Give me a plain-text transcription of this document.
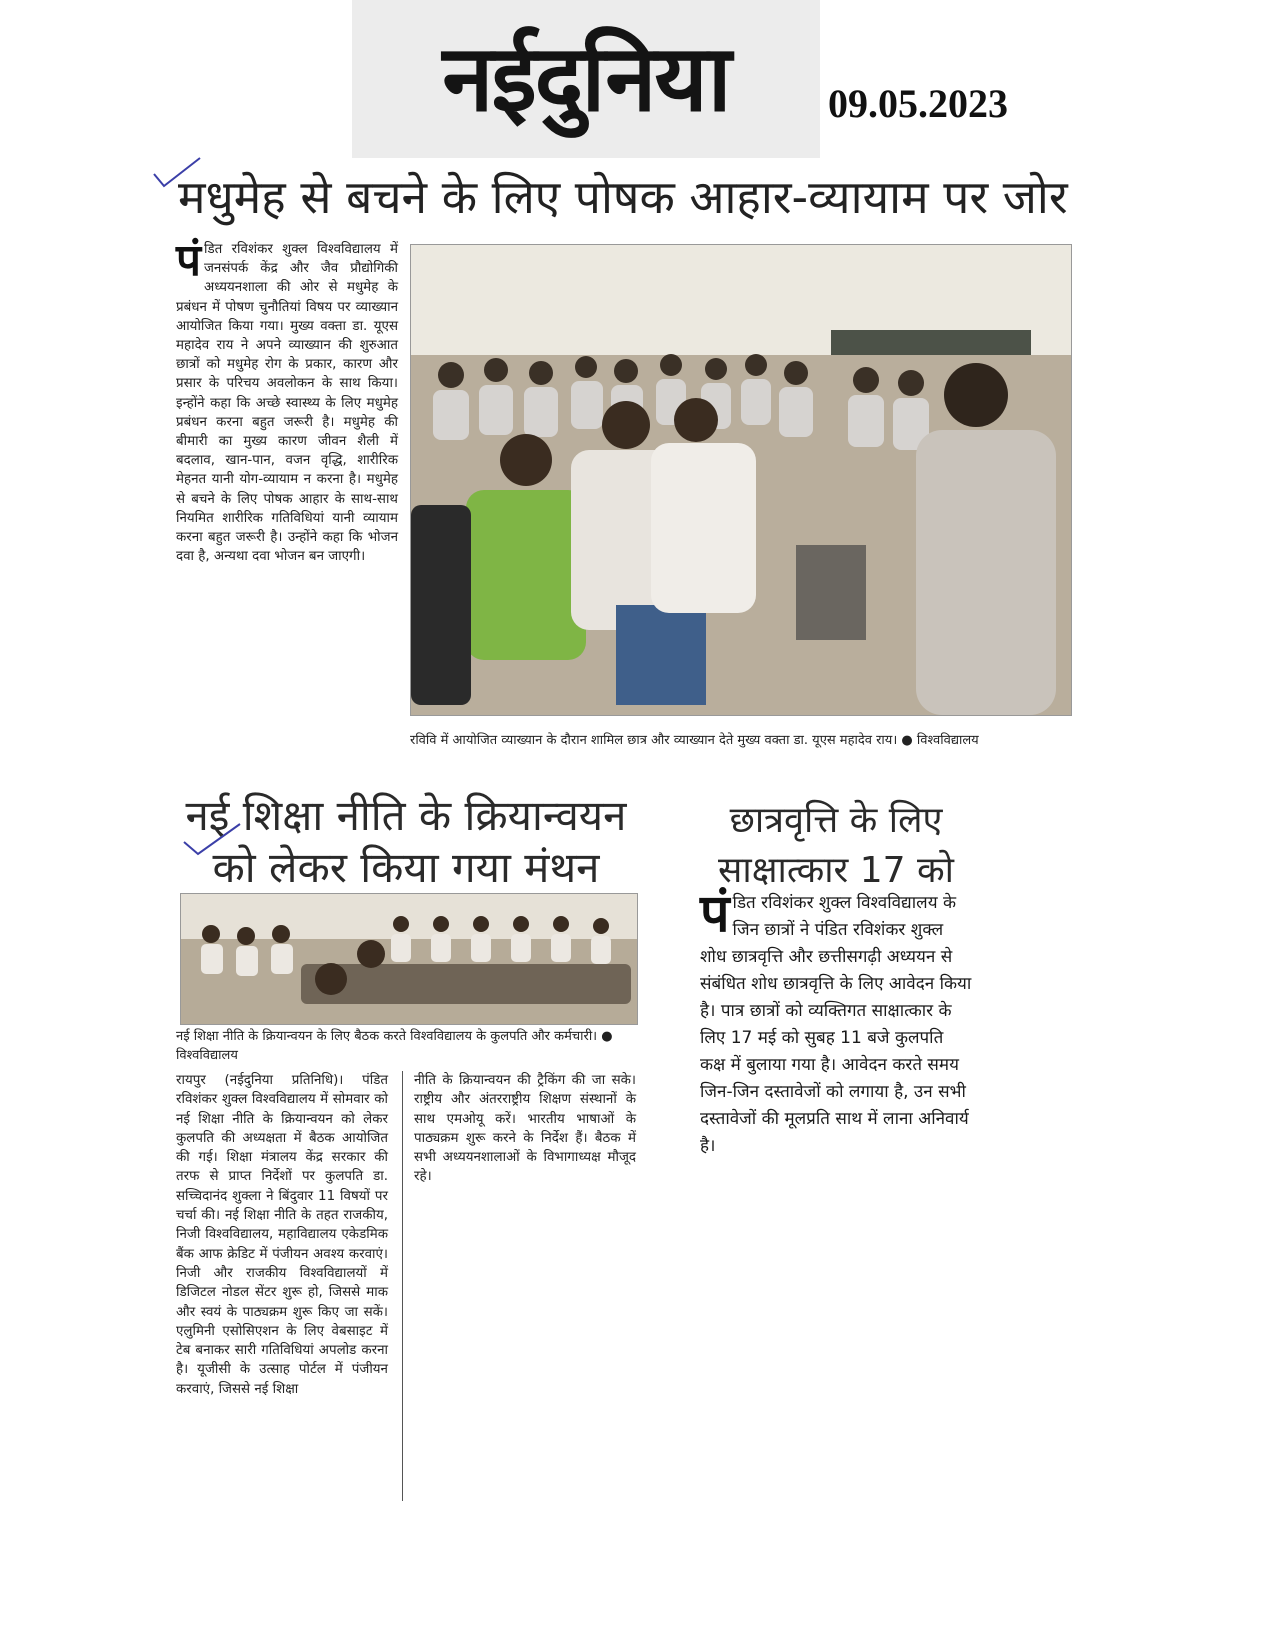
नईदुनिया 09.05.2023
मधुमेह से बचने के लिए पोषक आहार-व्यायाम पर जोर
पंडित रविशंकर शुक्ल विश्वविद्यालय में जनसंपर्क केंद्र और जैव प्रौद्योगिकी अध्ययनशाला की ओर से मधुमेह के प्रबंधन में पोषण चुनौतियां विषय पर व्याख्यान आयोजित किया गया। मुख्य वक्ता डा. यूएस महादेव राय ने अपने व्याख्यान की शुरुआत छात्रों को मधुमेह रोग के प्रकार, कारण और प्रसार के परिचय अवलोकन के साथ किया। इन्होंने कहा कि अच्छे स्वास्थ्य के लिए मधुमेह प्रबंधन करना बहुत जरूरी है। मधुमेह की बीमारी का मुख्य कारण जीवन शैली में बदलाव, खान-पान, वजन वृद्धि, शारीरिक मेहनत यानी योग-व्यायाम न करना है। मधुमेह से बचने के लिए पोषक आहार के साथ-साथ नियमित शारीरिक गतिविधियां यानी व्यायाम करना बहुत जरूरी है। उन्होंने कहा कि भोजन दवा है, अन्यथा दवा भोजन बन जाएगी।
रविवि में आयोजित व्याख्यान के दौरान शामिल छात्र और व्याख्यान देते मुख्य वक्ता डा. यूएस महादेव राय। ● विश्वविद्यालय
नई शिक्षा नीति के क्रियान्वयन को लेकर किया गया मंथन
नई शिक्षा नीति के क्रियान्वयन के लिए बैठक करते विश्वविद्यालय के कुलपति और कर्मचारी। ● विश्वविद्यालय
रायपुर (नईदुनिया प्रतिनिधि)। पंडित रविशंकर शुक्ल विश्वविद्यालय में सोमवार को नई शिक्षा नीति के क्रियान्वयन को लेकर कुलपति की अध्यक्षता में बैठक आयोजित की गई। शिक्षा मंत्रालय केंद्र सरकार की तरफ से प्राप्त निर्देशों पर कुलपति डा. सच्चिदानंद शुक्ला ने बिंदुवार 11 विषयों पर चर्चा की। नई शिक्षा नीति के तहत राजकीय, निजी विश्वविद्यालय, महाविद्यालय एकेडमिक बैंक आफ क्रेडिट में पंजीयन अवश्य करवाएं। निजी और राजकीय विश्वविद्यालयों में डिजिटल नोडल सेंटर शुरू हो, जिससे माक और स्वयं के पाठ्यक्रम शुरू किए जा सकें। एलुमिनी एसोसिएशन के लिए वेबसाइट में टेब बनाकर सारी गतिविधियां अपलोड करना है। यूजीसी के उत्साह पोर्टल में पंजीयन करवाएं, जिससे नई शिक्षा
नीति के क्रियान्वयन की ट्रैकिंग की जा सके। राष्ट्रीय और अंतरराष्ट्रीय शिक्षण संस्थानों के साथ एमओयू करें। भारतीय भाषाओं के पाठ्यक्रम शुरू करने के निर्देश हैं। बैठक में सभी अध्ययनशालाओं के विभागाध्यक्ष मौजूद रहे।
छात्रवृत्ति के लिए साक्षात्कार 17 को
पंडित रविशंकर शुक्ल विश्वविद्यालय के जिन छात्रों ने पंडित रविशंकर शुक्ल शोध छात्रवृत्ति और छत्तीसगढ़ी अध्ययन से संबंधित शोध छात्रवृत्ति के लिए आवेदन किया है। पात्र छात्रों को व्यक्तिगत साक्षात्कार के लिए 17 मई को सुबह 11 बजे कुलपति कक्ष में बुलाया गया है। आवेदन करते समय जिन-जिन दस्तावेजों को लगाया है, उन सभी दस्तावेजों की मूलप्रति साथ में लाना अनिवार्य है।
